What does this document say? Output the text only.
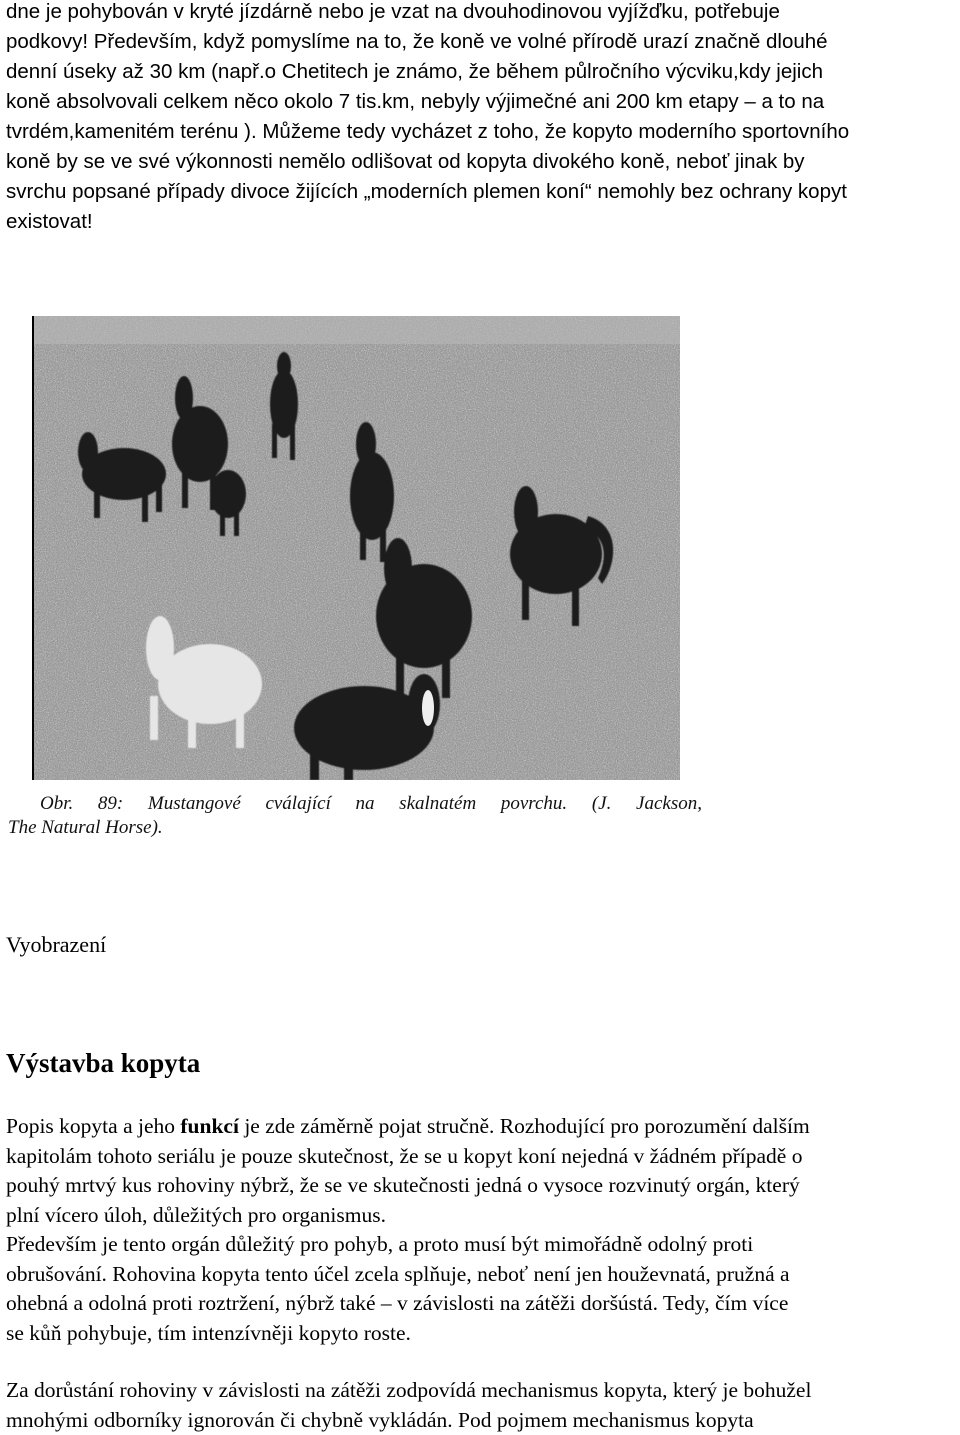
dne je pohybován v kryté jízdárně nebo je vzat na dvouhodinovou vyjížďku, potřebuje
podkovy! Především, když pomyslíme na to, že koně ve volné přírodě urazí značně dlouhé
denní úseky až 30 km (např.o Chetitech je známo, že během půlročního výcviku,kdy jejich
koně absolvovali celkem něco okolo 7 tis.km, nebyly výjimečné ani 200 km etapy – a to na
tvrdém,kamenitém terénu ). Můžeme tedy vycházet z toho, že kopyto moderního sportovního
koně by se ve své výkonnosti nemělo odlišovat od kopyta divokého koně, neboť jinak by
svrchu popsané případy divoce žijících „moderních plemen koní“ nemohly bez ochrany kopyt
existovat!
Obr. 89: Mustangové cválající na skalnatém povrchu. (J. Jackson,
The Natural Horse).
Vyobrazení
Výstavba kopyta
Popis kopyta a jeho funkcí je zde záměrně pojat stručně. Rozhodující pro porozumění dalším
kapitolám tohoto seriálu je pouze skutečnost, že se u kopyt koní nejedná v žádném případě o
pouhý mrtvý kus rohoviny nýbrž, že se ve skutečnosti jedná o vysoce rozvinutý orgán, který
plní vícero úloh, důležitých pro organismus.
Především je tento orgán důležitý pro pohyb, a proto musí být mimořádně odolný proti
obrušování. Rohovina kopyta tento účel zcela splňuje, neboť není jen houževnatá, pružná a
ohebná a odolná proti roztržení, nýbrž také – v závislosti na zátěži doršústá. Tedy, čím více
se kůň pohybuje, tím intenzívněji kopyto roste.
Za dorůstání rohoviny v závislosti na zátěži zodpovídá mechanismus kopyta, který je bohužel
mnohými odborníky ignorován či chybně vykládán. Pod pojmem mechanismus kopyta
